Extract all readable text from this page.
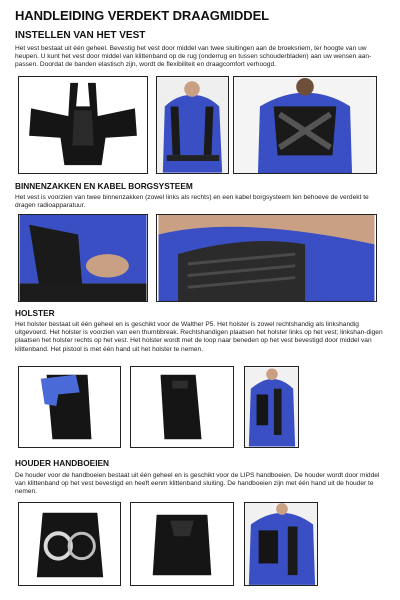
HANDLEIDING VERDEKT DRAAGMIDDEL
INSTELLEN VAN HET VEST
Het vest bestaat uit één geheel. Bevestig het vest door middel van twee sluitingen aan de broeksriem, ter hoogte van uw heupen. U kunt het vest door middel van klittenband op de rug (onderrug en tussen schouderbladen) aan uw wensen aan-passen. Doordat de banden elastisch zijn, wordt de flexibiliteit en draagcomfort verhoogd.
BINNENZAKKEN EN KABEL BORGSYSTEEM
Het vest is voorzien van twee binnenzakken (zowel links als rechts) en een kabel borgsysteem ten behoeve de verdekt te dragen radioapparatuur.
HOLSTER
Het holster bestaat uit één geheel en is geschikt voor de Walther P5. Het holster is zowel rechtshandig als linkshandig uitgevoerd. Het holster is voorzien van een thumbbreak. Rechtshandigen plaatsen het holster links op het vest; linkshan-digen plaatsen het holster rechts op het vest. Het holster wordt met de loop naar beneden op het vest bevestigd door middel van klittenband. Het pistool is met één hand uit het holster te nemen.
HOUDER HANDBOEIEN
De houder voor de handboeien bestaat uit één geheel en is geschikt voor de LIPS handboeien. De houder wordt door middel van klittenband op het vest bevestigd en heeft eenm klittenband sluiting. De handboeien zijn met één hand uit de houder te nemen.
